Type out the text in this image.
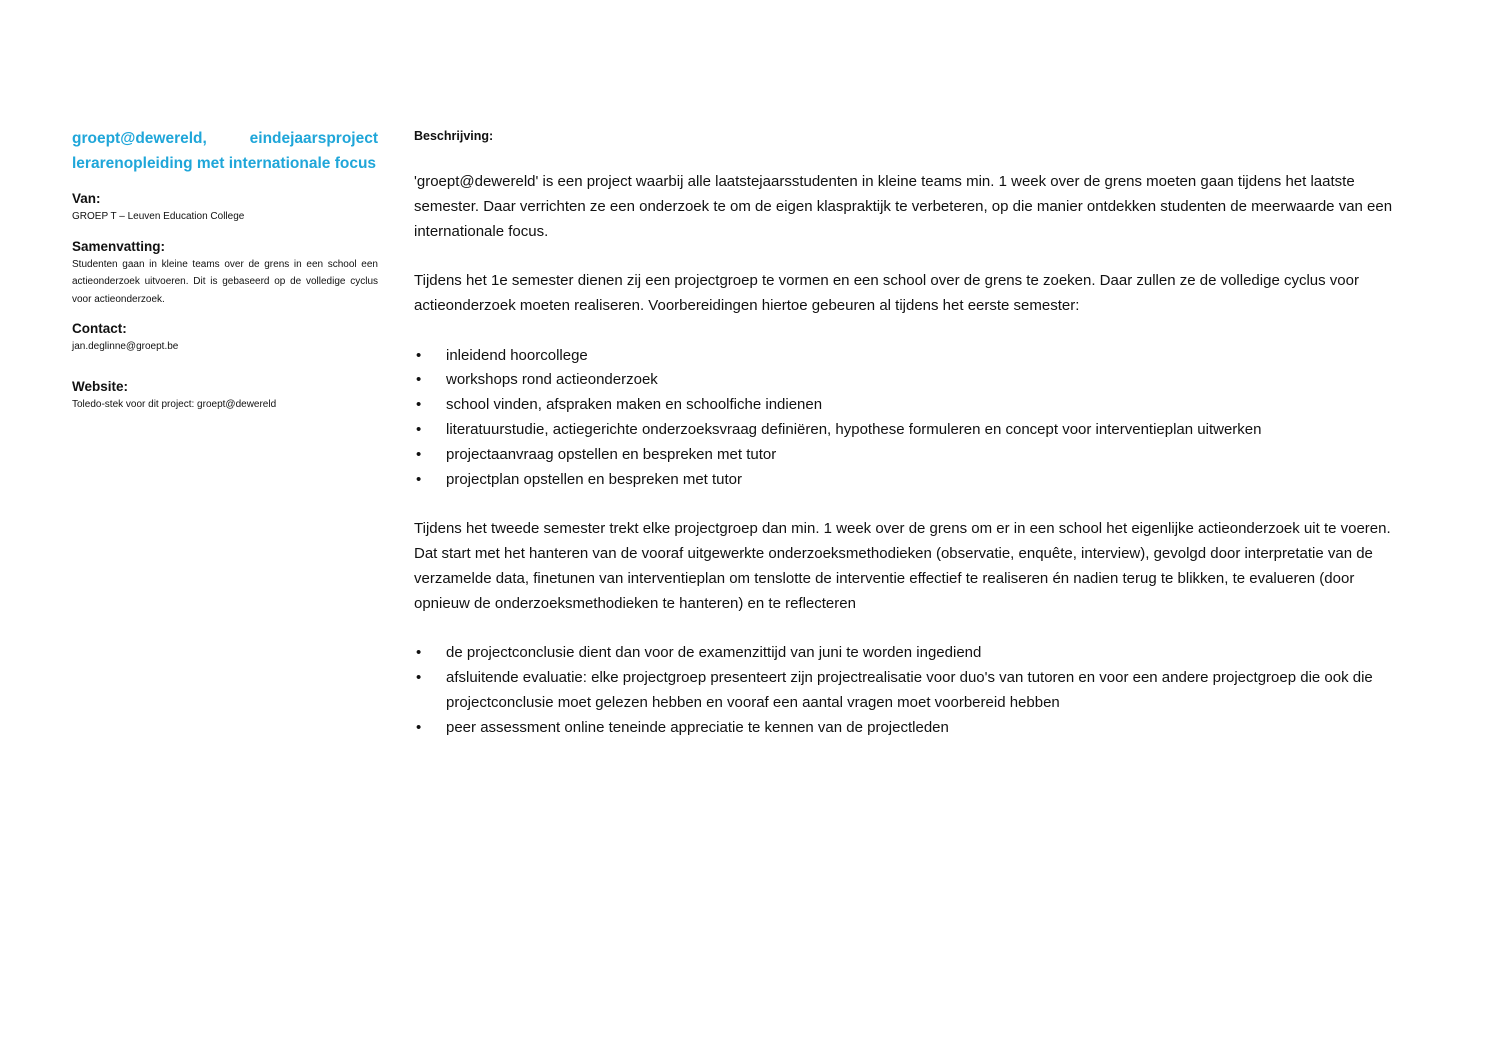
groept@dewereld, eindejaarsproject lerarenopleiding met internationale focus

Van:

GROEP T – Leuven Education College

Samenvatting:

Studenten gaan in kleine teams over de grens in een school een actieonderzoek uitvoeren. Dit is gebaseerd op de volledige cyclus voor actieonderzoek.

Contact:

jan.deglinne@groept.be

Website:

Toledo-stek voor dit project: groept@dewereld

Beschrijving:

'groept@dewereld' is een project waarbij alle laatstejaarsstudenten in kleine teams min. 1 week over de grens moeten gaan tijdens het laatste semester. Daar verrichten ze een onderzoek te om de eigen klaspraktijk te verbeteren, op die manier ontdekken studenten de meerwaarde van een internationale focus.

Tijdens het 1e semester dienen zij een projectgroep te vormen en een school over de grens te zoeken. Daar zullen ze de volledige cyclus voor actieonderzoek moeten realiseren. Voorbereidingen hiertoe gebeuren al tijdens het eerste semester:

• inleidend hoorcollege
• workshops rond actieonderzoek
• school vinden, afspraken maken en schoolfiche indienen
• literatuurstudie, actiegerichte onderzoeksvraag definiëren, hypothese formuleren en concept voor interventieplan uitwerken
• projectaanvraag opstellen en bespreken met tutor
• projectplan opstellen en bespreken met tutor

Tijdens het tweede semester trekt elke projectgroep dan min. 1 week over de grens om er in een school het eigenlijke actieonderzoek uit te voeren. Dat start met het hanteren van de vooraf uitgewerkte onderzoeksmethodieken (observatie, enquête, interview), gevolgd door interpretatie van de verzamelde data, finetunen van interventieplan om tenslotte de interventie effectief te realiseren én nadien terug te blikken, te evalueren (door opnieuw de onderzoeksmethodieken te hanteren) en te reflecteren

• de projectconclusie dient dan voor de examenzittijd van juni te worden ingediend
• afsluitende evaluatie: elke projectgroep presenteert zijn projectrealisatie voor duo's van tutoren en voor een andere projectgroep die ook die projectconclusie moet gelezen hebben en vooraf een aantal vragen moet voorbereid hebben
• peer assessment online teneinde appreciatie te kennen van de projectleden
